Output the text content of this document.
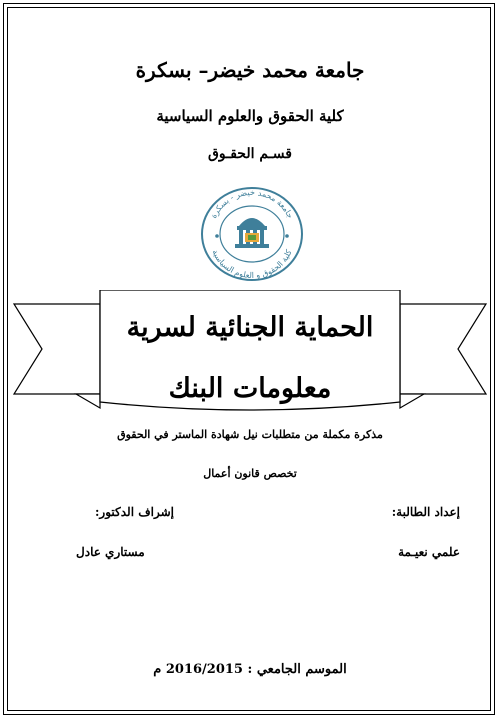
جامعة محمد خيضر– بسكرة
كلية الحقوق والعلوم السياسية
قسـم الحقـوق
جامعة محمد خيضر - بسكرة
كلية الحقوق و العلوم السياسية
الحماية الجنائية لسرية
معلومات البنك
مذكرة مكملة من متطلبات نيل شهادة الماستر في الحقوق
تخصص قانون أعمال
إعداد الطالبة:
علمي نعيـمة
إشراف الدكتور:
مستاري عادل
الموسم الجامعي : 2016/2015 م
